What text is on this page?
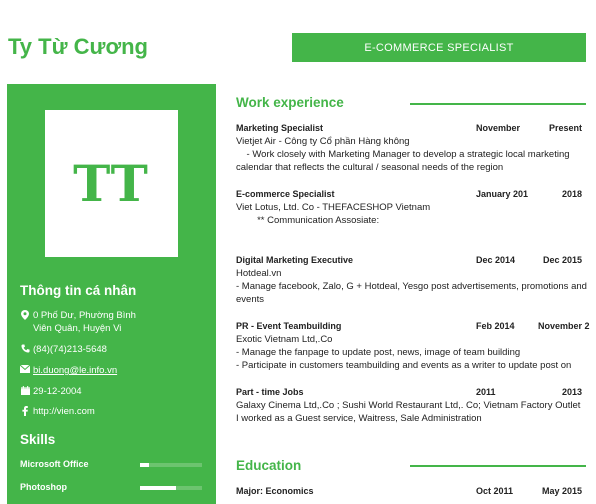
Ty Từ Cương	E-COMMERCE SPECIALIST
TT
Thông tin cá nhân
0 Phố Dư, Phường Bình
Viên Quân, Huyện Vi
(84)(74)213-5648
bi.duong@le.info.vn
29-12-2004
http://vien.com
Skills
Microsoft Office
Photoshop
Work experience
Marketing Specialist	November	Present
Vietjet Air - Công ty Cổ phần Hàng không
- Work closely with Marketing Manager to develop a strategic local marketing
calendar that reflects the cultural / seasonal needs of the region
E-commerce Specialist	January 201	2018
Viet Lotus, Ltd. Co - THEFACESHOP Vietnam
** Communication Assosiate:
Digital Marketing Executive	Dec 2014	Dec 2015
Hotdeal.vn
- Manage facebook, Zalo, G + Hotdeal, Yesgo post advertisements, promotions and
events
PR - Event Teambuilding	Feb 2014	November 2
Exotic Vietnam Ltd,.Co
- Manage the fanpage to update post, news, image of team building
- Participate in customers teambuilding and events as a writer to update post on
Part - time Jobs	2011	2013
Galaxy Cinema Ltd,.Co ; Sushi World Restaurant Ltd,. Co; Vietnam Factory Outlet
I worked as a Guest service, Waitress, Sale Administration
Education
Major: Economics	Oct 2011	May 2015
